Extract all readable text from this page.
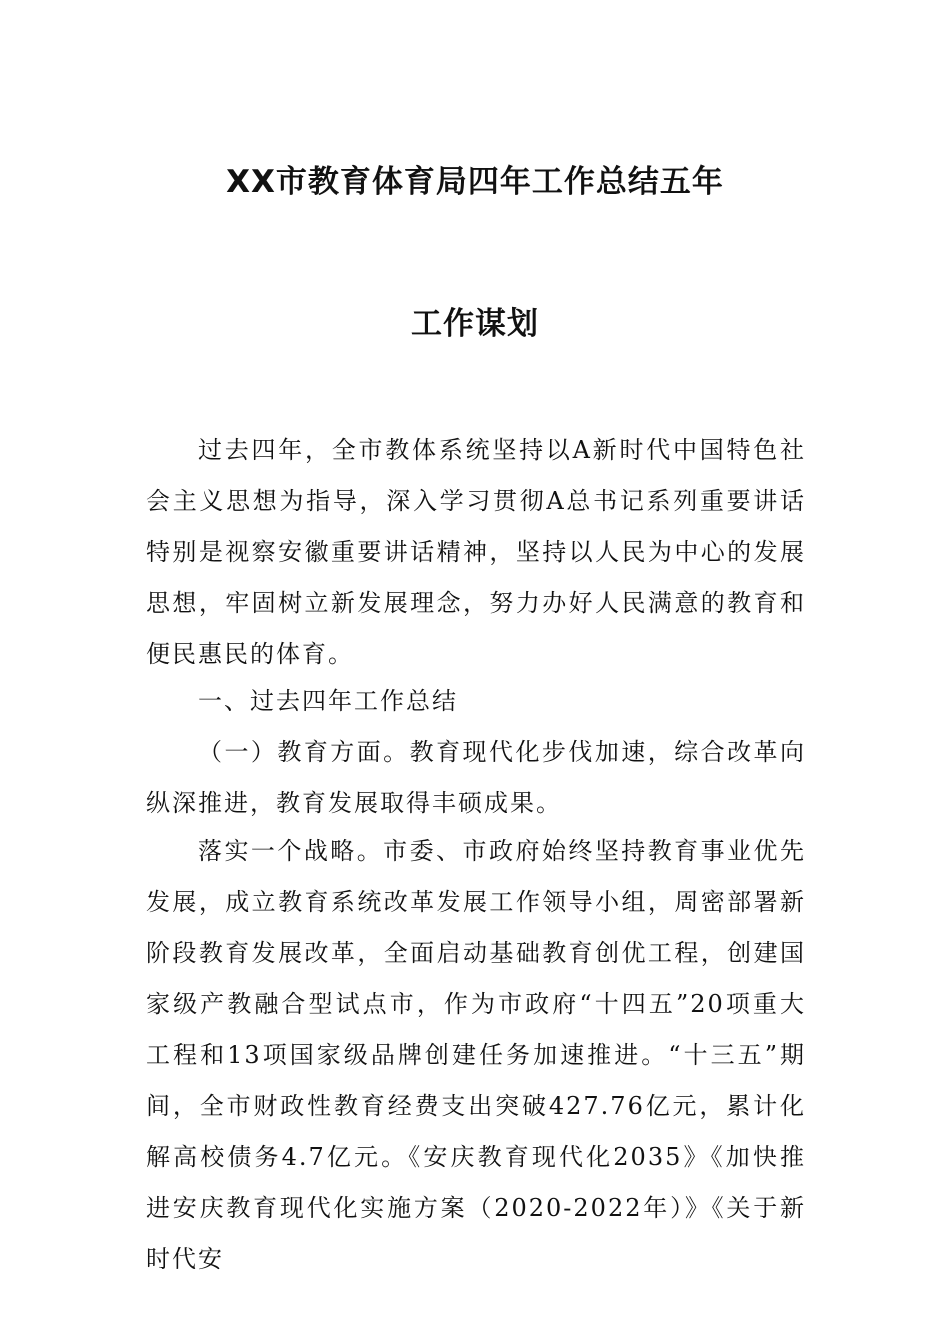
XX市教育体育局四年工作总结五年
工作谋划

过去四年，全市教体系统坚持以A新时代中国特色社会主义思想为指导，深入学习贯彻A总书记系列重要讲话特别是视察安徽重要讲话精神，坚持以人民为中心的发展思想，牢固树立新发展理念，努力办好人民满意的教育和便民惠民的体育。

一、过去四年工作总结

（一）教育方面。教育现代化步伐加速，综合改革向纵深推进，教育发展取得丰硕成果。

落实一个战略。市委、市政府始终坚持教育事业优先发展，成立教育系统改革发展工作领导小组，周密部署新阶段教育发展改革，全面启动基础教育创优工程，创建国家级产教融合型试点市，作为市政府“十四五”20项重大工程和13项国家级品牌创建任务加速推进。“十三五”期间，全市财政性教育经费支出突破427.76亿元，累计化解高校债务4.7亿元。《安庆教育现代化2035》《加快推进安庆教育现代化实施方案（2020-2022年）》《关于新时代安
